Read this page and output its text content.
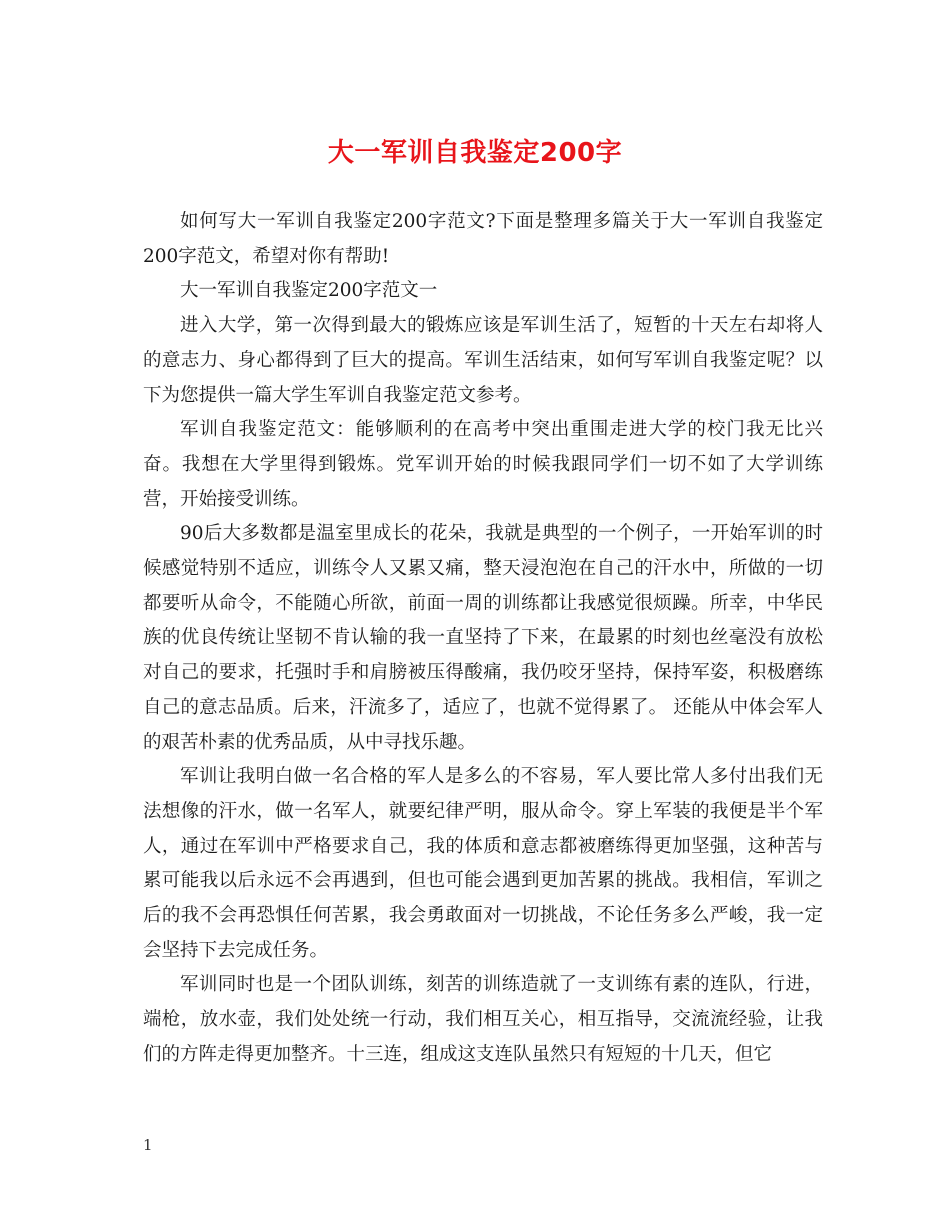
大一军训自我鉴定200字

如何写大一军训自我鉴定200字范文?下面是整理多篇关于大一军训自我鉴定200字范文，希望对你有帮助!

大一军训自我鉴定200字范文一

进入大学，第一次得到最大的锻炼应该是军训生活了，短暂的十天左右却将人的意志力、身心都得到了巨大的提高。军训生活结束，如何写军训自我鉴定呢？以下为您提供一篇大学生军训自我鉴定范文参考。

军训自我鉴定范文：能够顺利的在高考中突出重围走进大学的校门我无比兴奋。我想在大学里得到锻炼。党军训开始的时候我跟同学们一切不如了大学训练营，开始接受训练。

90后大多数都是温室里成长的花朵，我就是典型的一个例子，一开始军训的时候感觉特别不适应，训练令人又累又痛，整天浸泡泡在自己的汗水中，所做的一切都要听从命令，不能随心所欲，前面一周的训练都让我感觉很烦躁。所幸，中华民族的优良传统让坚韧不肯认输的我一直坚持了下来，在最累的时刻也丝毫没有放松对自己的要求，托强时手和肩膀被压得酸痛，我仍咬牙坚持，保持军姿，积极磨练自己的意志品质。后来，汗流多了，适应了，也就不觉得累了。 还能从中体会军人的艰苦朴素的优秀品质，从中寻找乐趣。

军训让我明白做一名合格的军人是多么的不容易，军人要比常人多付出我们无法想像的汗水，做一名军人，就要纪律严明，服从命令。穿上军装的我便是半个军人，通过在军训中严格要求自己，我的体质和意志都被磨练得更加坚强，这种苦与累可能我以后永远不会再遇到，但也可能会遇到更加苦累的挑战。我相信，军训之后的我不会再恐惧任何苦累，我会勇敢面对一切挑战，不论任务多么严峻，我一定会坚持下去完成任务。

军训同时也是一个团队训练，刻苦的训练造就了一支训练有素的连队，行进，端枪，放水壶，我们处处统一行动，我们相互关心，相互指导，交流流经验，让我们的方阵走得更加整齐。十三连，组成这支连队虽然只有短短的十几天，但它

1
